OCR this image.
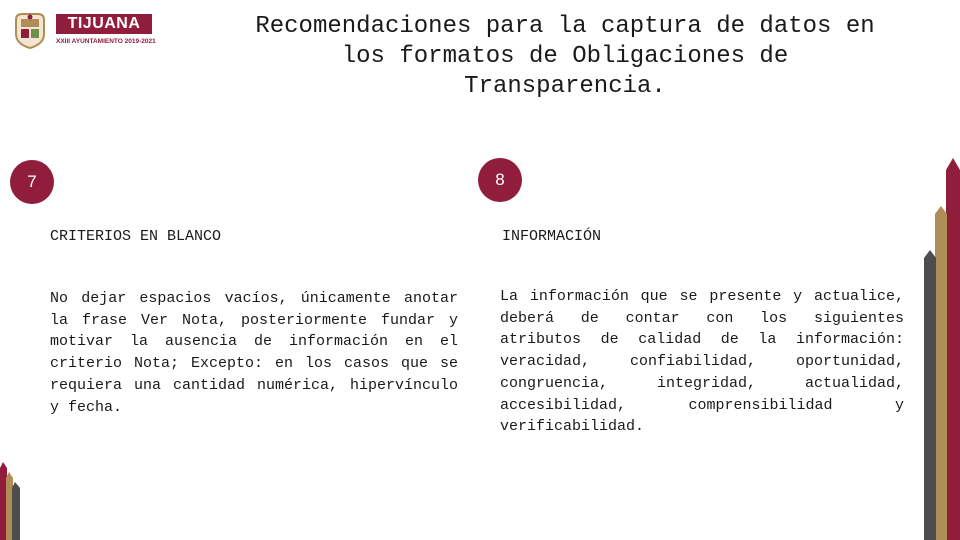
TIJUANA
XXIII AYUNTAMIENTO 2019-2021
Recomendaciones para la captura de datos en los formatos de Obligaciones de Transparencia.
7
CRITERIOS EN BLANCO

No dejar espacios vacíos, únicamente anotar la frase Ver Nota, posteriormente fundar y motivar la ausencia de información en el criterio Nota; Excepto: en los casos que se requiera una cantidad numérica, hipervínculo y fecha.

8
INFORMACIÓN

La información que se presente y actualice, deberá de contar con los siguientes atributos de calidad de la información: veracidad, confiabilidad, oportunidad, congruencia, integridad, actualidad, accesibilidad, comprensibilidad y verificabilidad.
